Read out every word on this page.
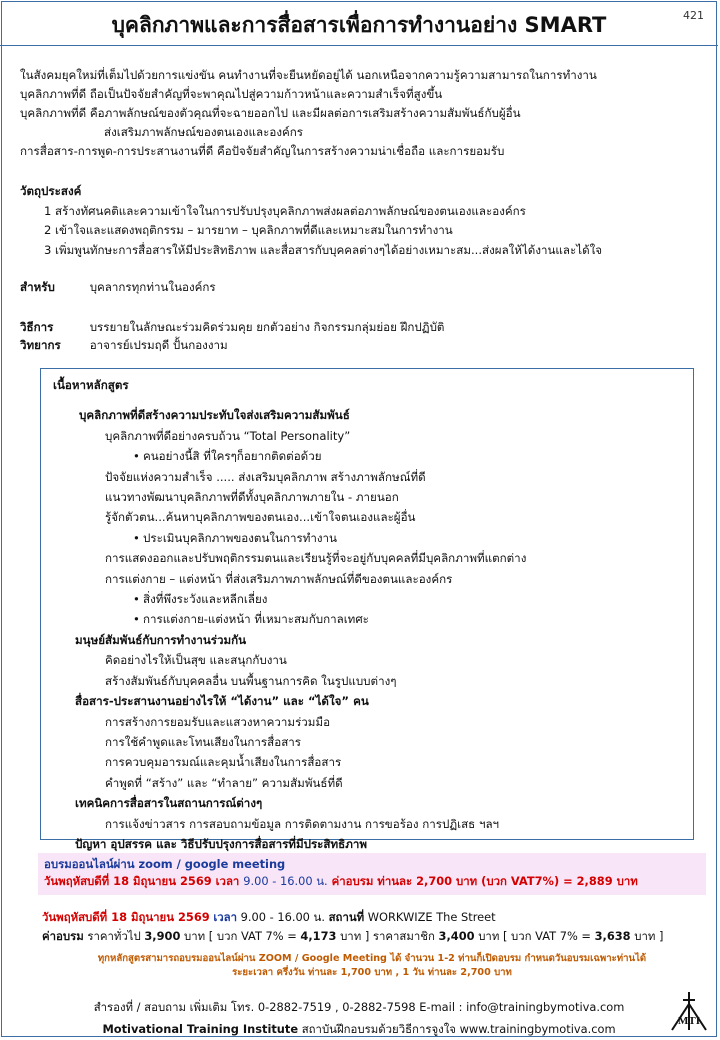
บุคลิกภาพและการสื่อสารเพื่อการทำงานอย่าง SMART	421
ในสังคมยุคใหม่ที่เต็มไปด้วยการแข่งขัน คนทำงานที่จะยืนหยัดอยู่ได้ นอกเหนือจากความรู้ความสามารถในการทำงาน
บุคลิกภาพที่ดี ถือเป็นปัจจัยสำคัญที่จะพาคุณไปสู่ความก้าวหน้าและความสำเร็จที่สูงขึ้น
บุคลิกภาพที่ดี คือภาพลักษณ์ของตัวคุณที่จะฉายออกไป และมีผลต่อการเสริมสร้างความสัมพันธ์กับผู้อื่น
ส่งเสริมภาพลักษณ์ของตนเองและองค์กร
การสื่อสาร-การพูด-การประสานงานที่ดี คือปัจจัยสำคัญในการสร้างความน่าเชื่อถือ และการยอมรับ
วัตถุประสงค์
1 สร้างทัศนคติและความเข้าใจในการปรับปรุงบุคลิกภาพส่งผลต่อภาพลักษณ์ของตนเองและองค์กร
2 เข้าใจและแสดงพฤติกรรม – มารยาท – บุคลิกภาพที่ดีและเหมาะสมในการทำงาน
3 เพิ่มพูนทักษะการสื่อสารให้มีประสิทธิภาพ และสื่อสารกับบุคคลต่างๆได้อย่างเหมาะสม...ส่งผลให้ได้งานและได้ใจ
สำหรับ	บุคลากรทุกท่านในองค์กร
วิธีการ	บรรยายในลักษณะร่วมคิดร่วมคุย ยกตัวอย่าง กิจกรรมกลุ่มย่อย ฝึกปฏิบัติ
วิทยากร อาจารย์เปรมฤดี ปั้นกองงาม
เนื้อหาหลักสูตร
บุคลิกภาพที่ดีสร้างความประทับใจส่งเสริมความสัมพันธ์
บุคลิกภาพที่ดีอย่างครบถ้วน “Total Personality”
• คนอย่างนี้สิ ที่ใครๆก็อยากติดต่อด้วย
ปัจจัยแห่งความสำเร็จ ..... ส่งเสริมบุคลิกภาพ สร้างภาพลักษณ์ที่ดี
แนวทางพัฒนาบุคลิกภาพที่ดีทั้งบุคลิกภาพภายใน - ภายนอก
รู้จักตัวตน...ค้นหาบุคลิกภาพของตนเอง...เข้าใจตนเองและผู้อื่น
• ประเมินบุคลิกภาพของตนในการทำงาน
การแสดงออกและปรับพฤติกรรมตนและเรียนรู้ที่จะอยู่กับบุคคลที่มีบุคลิกภาพที่แตกต่าง
การแต่งกาย – แต่งหน้า ที่ส่งเสริมภาพภาพลักษณ์ที่ดีของตนและองค์กร
• สิ่งที่พึงระวังและหลีกเลี่ยง
• การแต่งกาย-แต่งหน้า ที่เหมาะสมกับกาลเทศะ
มนุษย์สัมพันธ์กับการทำงานร่วมกัน
คิดอย่างไรให้เป็นสุข และสนุกกับงาน
สร้างสัมพันธ์กับบุคคลอื่น บนพื้นฐานการคิด ในรูปแบบต่างๆ
สื่อสาร-ประสานงานอย่างไรให้ “ได้งาน” และ “ได้ใจ” คน
การสร้างการยอมรับและแสวงหาความร่วมมือ
การใช้คำพูดและโทนเสียงในการสื่อสาร
การควบคุมอารมณ์และคุมน้ำเสียงในการสื่อสาร
คำพูดที่ “สร้าง” และ “ทำลาย” ความสัมพันธ์ที่ดี
เทคนิคการสื่อสารในสถานการณ์ต่างๆ
การแจ้งข่าวสาร การสอบถามข้อมูล การติดตามงาน การขอร้อง การปฏิเสธ ฯลฯ
ปัญหา อุปสรรค และ วิธีปรับปรุงการสื่อสารที่มีประสิทธิภาพ
อบรมออนไลน์ผ่าน zoom / google meeting
วันพฤหัสบดีที่ 18 มิถุนายน 2569 เวลา 9.00 - 16.00 น. ค่าอบรม ท่านละ 2,700 บาท (บวก VAT7%) = 2,889 บาท
วันพฤหัสบดีที่ 18 มิถุนายน 2569 เวลา 9.00 - 16.00 น. สถานที่ WORKWIZE The Street
ค่าอบรม ราคาทั่วไป 3,900 บาท [ บวก VAT 7% = 4,173 บาท ] ราคาสมาชิก 3,400 บาท [ บวก VAT 7% = 3,638 บาท ]
ทุกหลักสูตรสามารถอบรมออนไลน์ผ่าน ZOOM / Google Meeting ได้ จำนวน 1-2 ท่านก็เปิดอบรม กำหนดวันอบรมเฉพาะท่านได้
ระยะเวลา ครึ่งวัน ท่านละ 1,700 บาท , 1 วัน ท่านละ 2,700 บาท
สำรองที่ / สอบถาม เพิ่มเติม โทร. 0-2882-7519 , 0-2882-7598 E-mail : info@trainingbymotiva.com
Motivational Training Institute สถาบันฝึกอบรมด้วยวิธีการจูงใจ www.trainingbymotiva.com
MTI
